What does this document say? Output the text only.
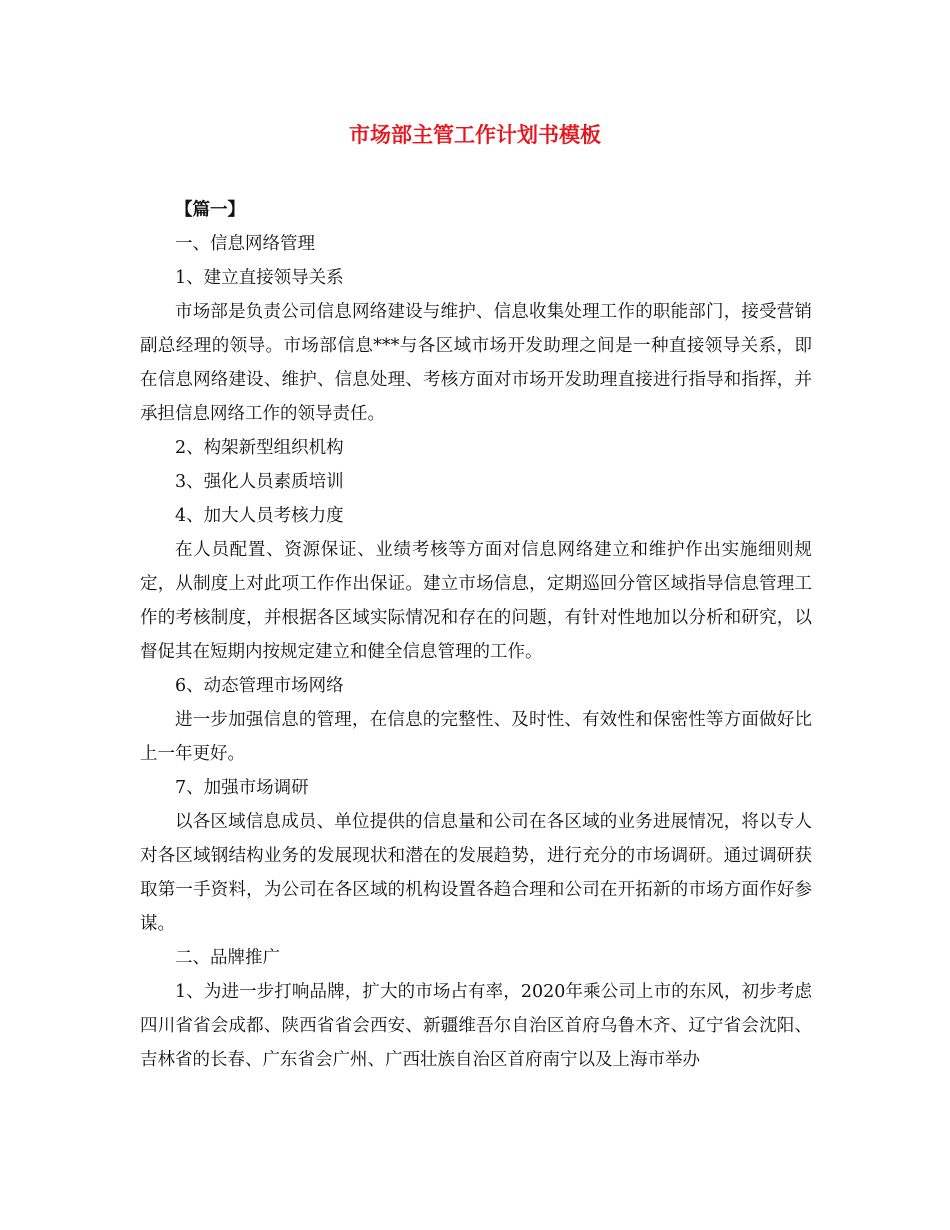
市场部主管工作计划书模板

【篇一】

一、信息网络管理

1、建立直接领导关系

市场部是负责公司信息网络建设与维护、信息收集处理工作的职能部门，接受营销副总经理的领导。市场部信息***与各区域市场开发助理之间是一种直接领导关系，即在信息网络建设、维护、信息处理、考核方面对市场开发助理直接进行指导和指挥，并承担信息网络工作的领导责任。

2、构架新型组织机构

3、强化人员素质培训

4、加大人员考核力度

在人员配置、资源保证、业绩考核等方面对信息网络建立和维护作出实施细则规定，从制度上对此项工作作出保证。建立市场信息，定期巡回分管区域指导信息管理工作的考核制度，并根据各区域实际情况和存在的问题，有针对性地加以分析和研究，以督促其在短期内按规定建立和健全信息管理的工作。

6、动态管理市场网络

进一步加强信息的管理，在信息的完整性、及时性、有效性和保密性等方面做好比上一年更好。

7、加强市场调研

以各区域信息成员、单位提供的信息量和公司在各区域的业务进展情况，将以专人对各区域钢结构业务的发展现状和潜在的发展趋势，进行充分的市场调研。通过调研获取第一手资料，为公司在各区域的机构设置各趋合理和公司在开拓新的市场方面作好参谋。

二、品牌推广

1、为进一步打响品牌，扩大的市场占有率，2020年乘公司上市的东风，初步考虑四川省省会成都、陕西省省会西安、新疆维吾尔自治区首府乌鲁木齐、辽宁省会沈阳、吉林省的长春、广东省会广州、广西壮族自治区首府南宁以及上海市举办
